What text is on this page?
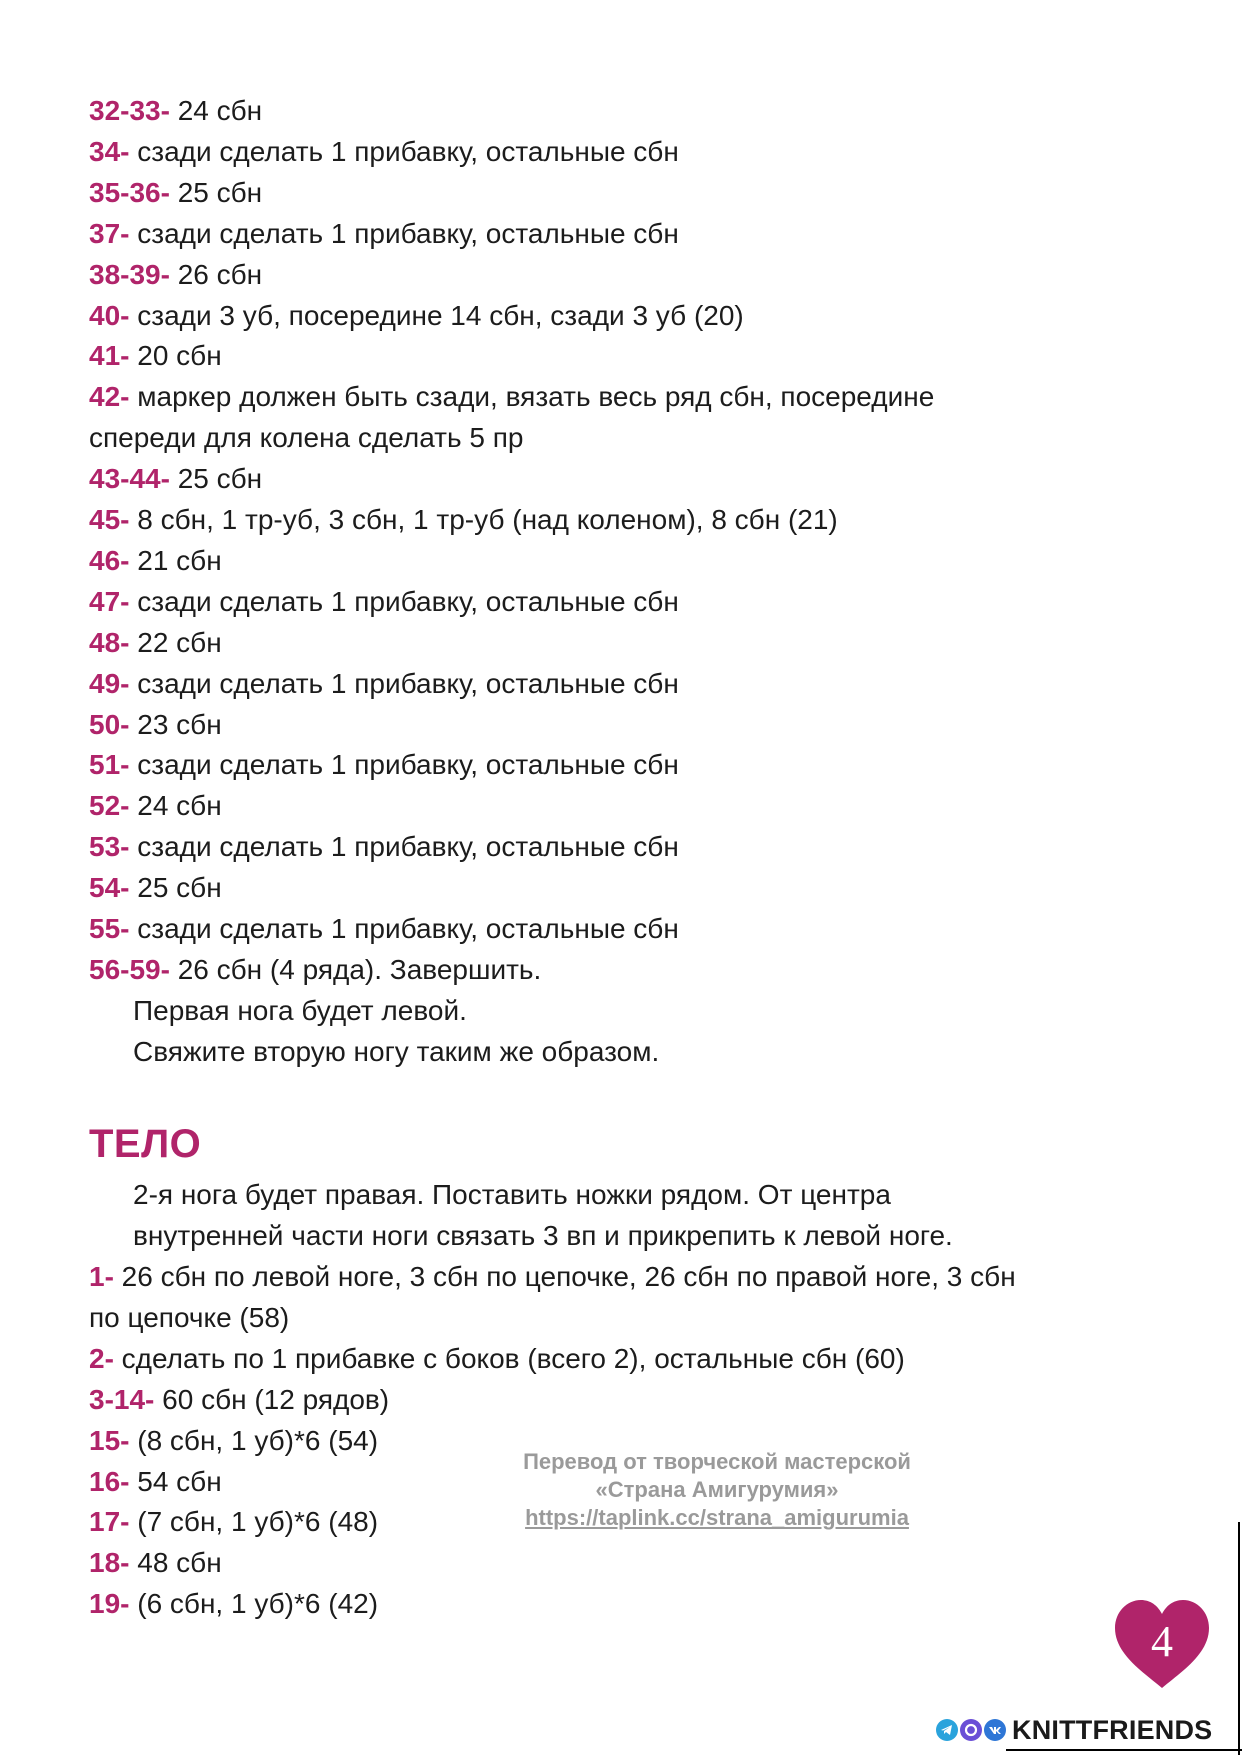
32-33- 24 сбн
34- сзади сделать 1 прибавку, остальные сбн
35-36- 25 сбн
37- сзади сделать 1 прибавку, остальные сбн
38-39- 26 сбн
40- сзади 3 уб, посередине 14 сбн, сзади 3 уб (20)
41- 20 сбн
42- маркер должен быть сзади, вязать весь ряд сбн, посередине
спереди для колена сделать 5 пр
43-44- 25 сбн
45- 8 сбн, 1 тр-уб, 3 сбн, 1 тр-уб (над коленом), 8 сбн (21)
46- 21 сбн
47- сзади сделать 1 прибавку, остальные сбн
48- 22 сбн
49- сзади сделать 1 прибавку, остальные сбн
50- 23 сбн
51- сзади сделать 1 прибавку, остальные сбн
52- 24 сбн
53- сзади сделать 1 прибавку, остальные сбн
54- 25 сбн
55- сзади сделать 1 прибавку, остальные сбн
56-59- 26 сбн (4 ряда). Завершить.
Первая нога будет левой.
Свяжите вторую ногу таким же образом.
ТЕЛО
2-я нога будет правая. Поставить ножки рядом. От центра
внутренней части ноги связать 3 вп и прикрепить к левой ноге.
1- 26 сбн по левой ноге, 3 сбн по цепочке, 26 сбн по правой ноге, 3 сбн
по цепочке (58)
2- сделать по 1 прибавке с боков (всего 2), остальные сбн (60)
3-14- 60 сбн (12 рядов)
15- (8 сбн, 1 уб)*6 (54)
16- 54 сбн
17- (7 сбн, 1 уб)*6 (48)
18- 48 сбн
19- (6 сбн, 1 уб)*6 (42)
Перевод от творческой мастерской
«Страна Амигурумия»
https://taplink.cc/strana_amigurumia
4
KNITTFRIENDS
